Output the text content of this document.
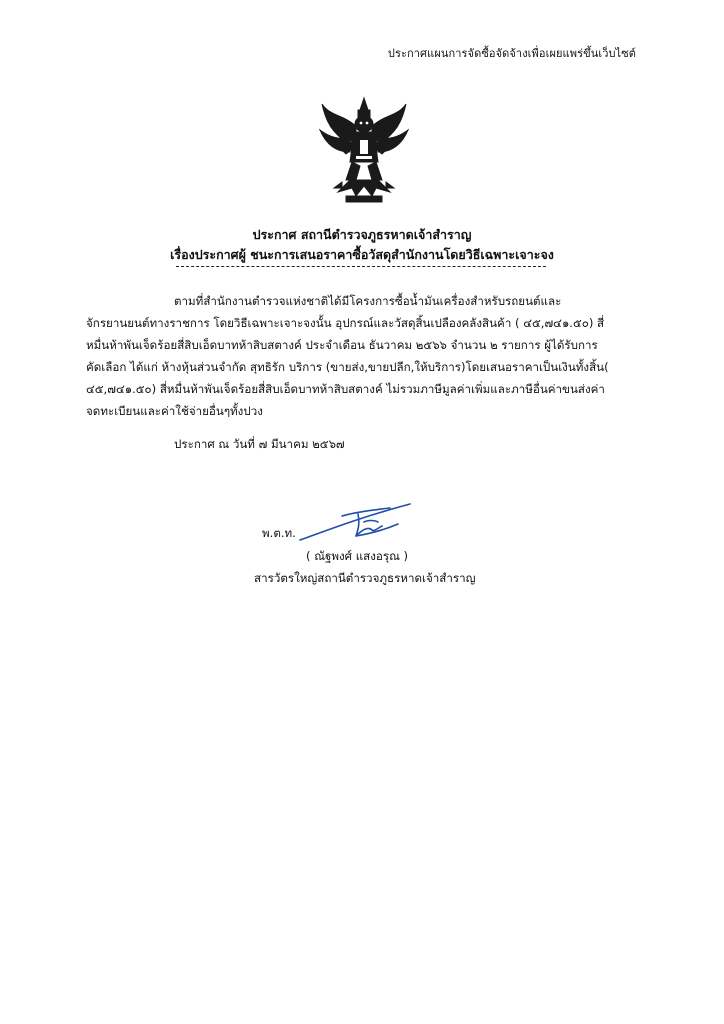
ประกาศแผนการจัดซื้อจัดจ้างเพื่อเผยแพร่ขึ้นเว็บไซต์
ประกาศ สถานีตำรวจภูธรหาดเจ้าสำราญ
เรื่องประกาศผู้ ชนะการเสนอราคาซื้อวัสดุสำนักงานโดยวิธีเฉพาะเจาะจง
ตามที่สำนักงานตำรวจแห่งชาติได้มีโครงการซื้อน้ำมันเครื่องสำหรับรถยนต์และ
จักรยานยนต์ทางราชการ โดยวิธีเฉพาะเจาะจงนั้น อุปกรณ์และวัสดุสิ้นเปลืองคลังสินค้า ( ๔๕,๗๔๑.๕๐) สี่
หมื่นห้าพันเจ็ดร้อยสี่สิบเอ็ดบาทห้าสิบสตางค์ ประจำเดือน ธันวาคม ๒๕๖๖ จำนวน ๒ รายการ ผู้ได้รับการ
คัดเลือก ได้แก่ ห้างหุ้นส่วนจำกัด สุทธิรัก บริการ (ขายส่ง,ขายปลีก,ให้บริการ)โดยเสนอราคาเป็นเงินทั้งสิ้น(
๔๕,๗๔๑.๕๐) สี่หมื่นห้าพันเจ็ดร้อยสี่สิบเอ็ดบาทห้าสิบสตางค์ ไม่รวมภาษีมูลค่าเพิ่มและภาษีอื่นค่าขนส่งค่า
จดทะเบียนและค่าใช้จ่ายอื่นๆทั้งปวง
ประกาศ ณ วันที่ ๗ มีนาคม ๒๕๖๗
พ.ต.ท.
( ณัฐพงศ์ แสงอรุณ )
สารวัตรใหญ่สถานีตำรวจภูธรหาดเจ้าสำราญ
